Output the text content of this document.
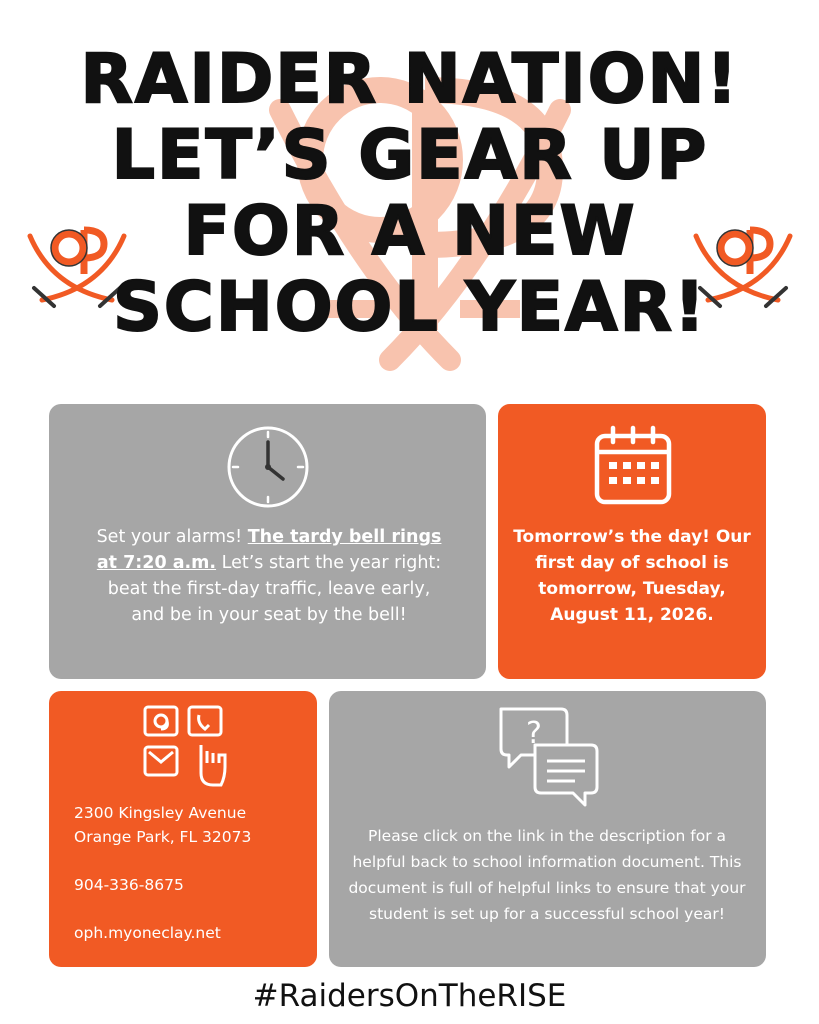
RAIDER NATION!
LET’S GEAR UP
FOR A NEW
SCHOOL YEAR!
Set your alarms! The tardy bell rings at 7:20 a.m. Let’s start the year right: beat the first-day traffic, leave early, and be in your seat by the bell!
Tomorrow’s the day! Our first day of school is tomorrow, Tuesday, August 11, 2026.
2300 Kingsley Avenue
Orange Park, FL 32073
904-336-8675
oph.myoneclay.net
?
Please click on the link in the description for a helpful back to school information document. This document is full of helpful links to ensure that your student is set up for a successful school year!
#RaidersOnTheRISE
